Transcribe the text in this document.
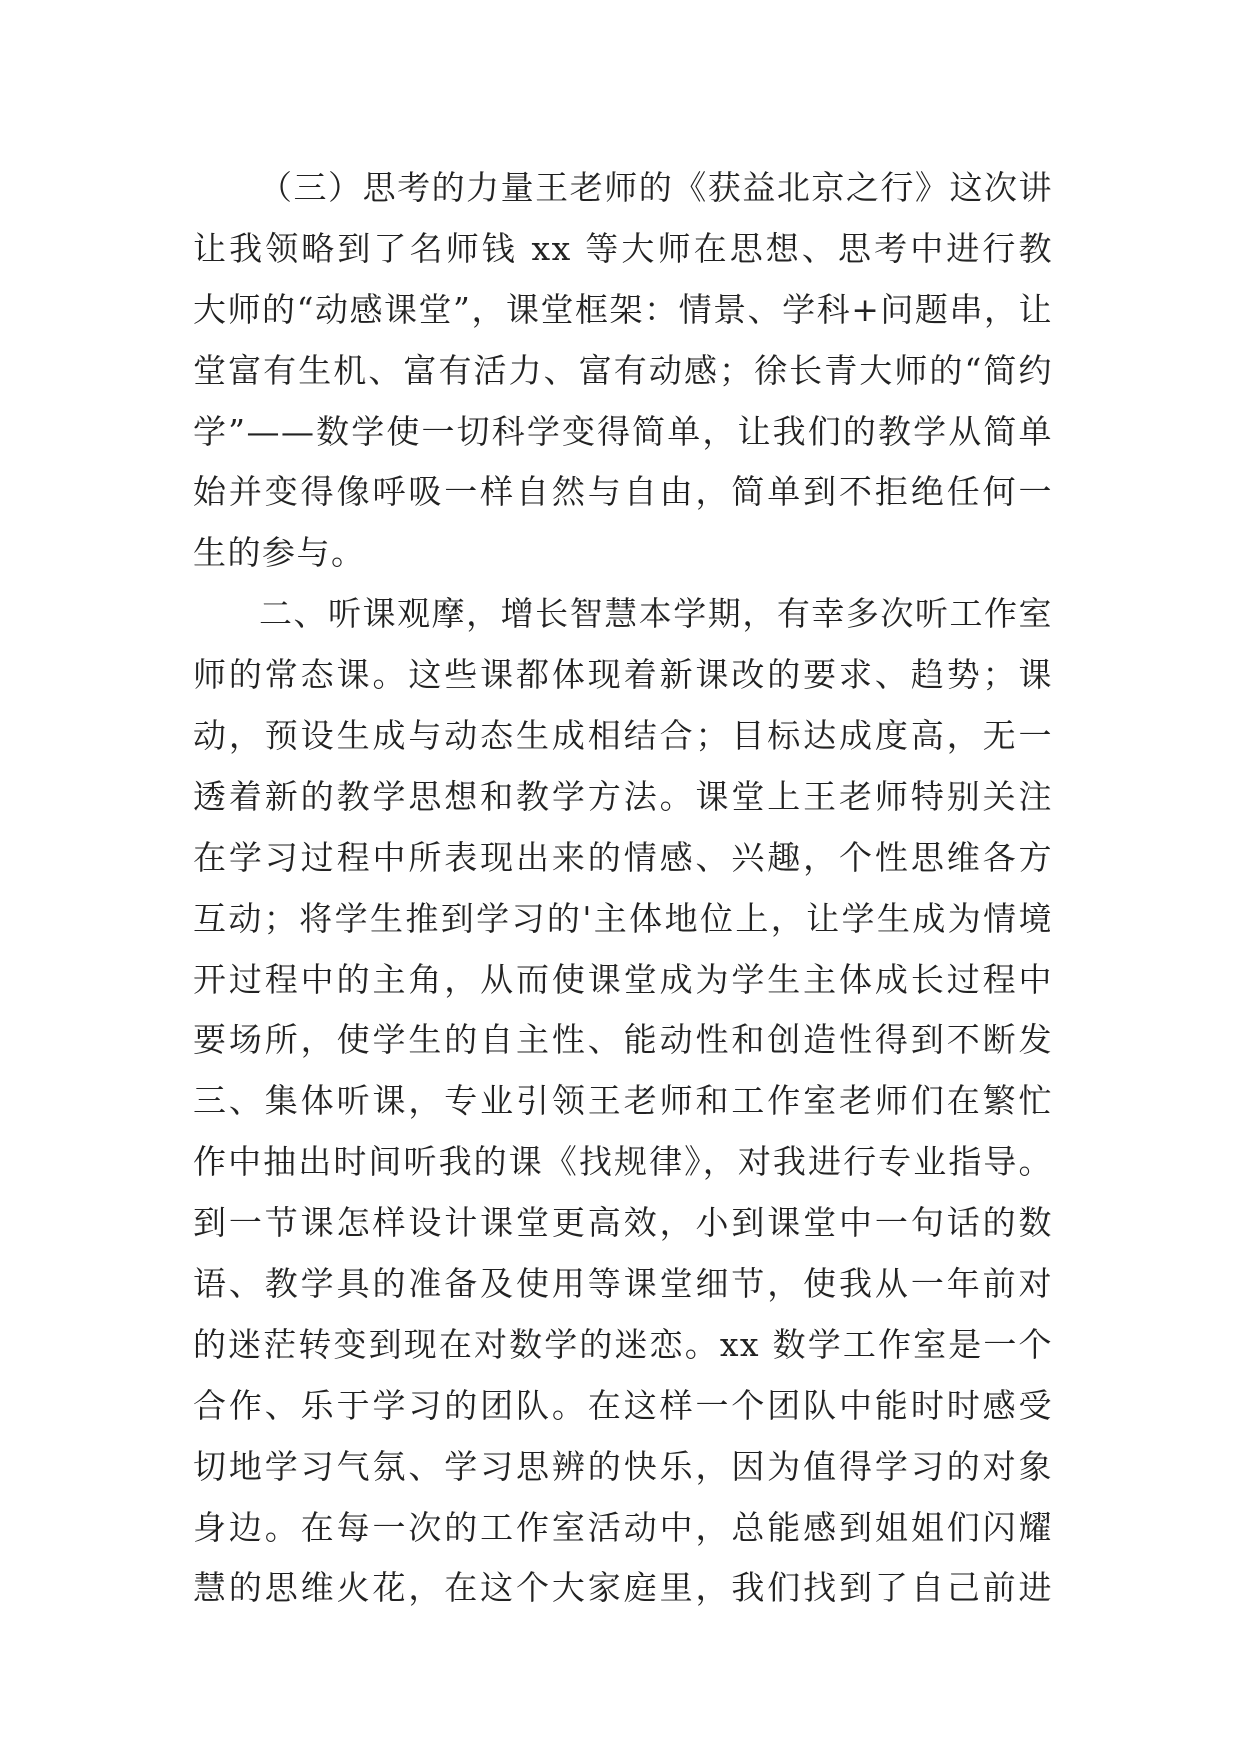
（三）思考的力量王老师的《获益北京之行》这次讲
让我领略到了名师钱 xx 等大师在思想、思考中进行教
大师的“动感课堂”，课堂框架：情景、学科+问题串，让
堂富有生机、富有活力、富有动感；徐长青大师的“简约
学”——数学使一切科学变得简单，让我们的教学从简单
始并变得像呼吸一样自然与自由，简单到不拒绝任何一
生的参与。
二、听课观摩，增长智慧本学期，有幸多次听工作室
师的常态课。这些课都体现着新课改的要求、趋势；课
动，预设生成与动态生成相结合；目标达成度高，无一
透着新的教学思想和教学方法。课堂上王老师特别关注
在学习过程中所表现出来的情感、兴趣，个性思维各方
互动；将学生推到学习的'主体地位上，让学生成为情境
开过程中的主角，从而使课堂成为学生主体成长过程中
要场所，使学生的自主性、能动性和创造性得到不断发
三、集体听课，专业引领王老师和工作室老师们在繁忙
作中抽出时间听我的课《找规律》，对我进行专业指导。
到一节课怎样设计课堂更高效，小到课堂中一句话的数
语、教学具的准备及使用等课堂细节，使我从一年前对
的迷茫转变到现在对数学的迷恋。xx 数学工作室是一个
合作、乐于学习的团队。在这样一个团队中能时时感受
切地学习气氛、学习思辨的快乐，因为值得学习的对象
身边。在每一次的工作室活动中，总能感到姐姐们闪耀
慧的思维火花，在这个大家庭里，我们找到了自己前进
